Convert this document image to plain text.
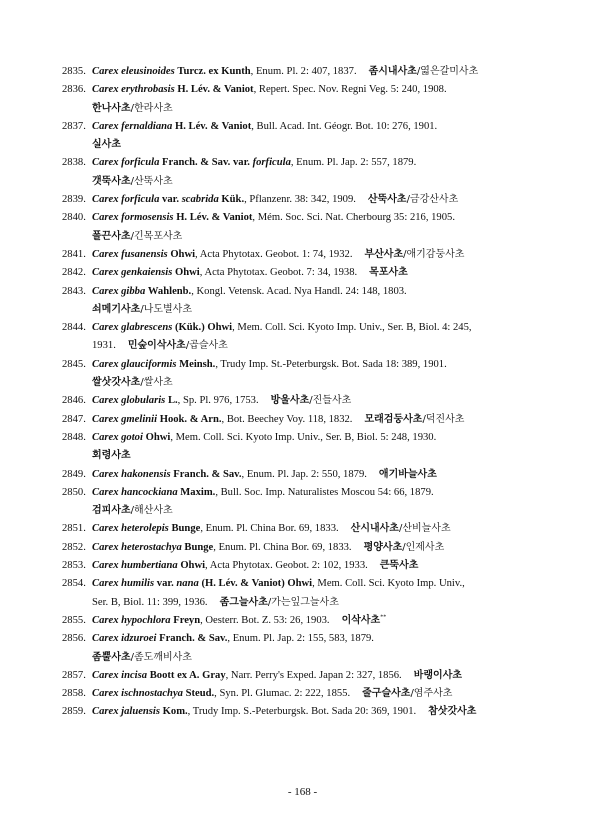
2835. Carex eleusinoides Turcz. ex Kunth, Enum. Pl. 2: 407, 1837. 좀시내사초/엷은갈미사초

2836. Carex erythrobasis H. Lév. & Vaniot, Repert. Spec. Nov. Regni Veg. 5: 240, 1908.
한나사초/한라사초

2837. Carex fernaldiana H. Lév. & Vaniot, Bull. Acad. Int. Géogr. Bot. 10: 276, 1901.
실사초

2838. Carex forficula Franch. & Sav. var. forficula, Enum. Pl. Jap. 2: 557, 1879.
갯뚝사초/산뚝사초

2839. Carex forficula var. scabrida Kük., Pflanzenr. 38: 342, 1909. 산뚝사초/금강산사초

2840. Carex formosensis H. Lév. & Vaniot, Mém. Soc. Sci. Nat. Cherbourg 35: 216, 1905.
폴끈사초/긴목포사초

2841. Carex fusanensis Ohwi, Acta Phytotax. Geobot. 1: 74, 1932. 부산사초/애기감둥사초

2842. Carex genkaiensis Ohwi, Acta Phytotax. Geobot. 7: 34, 1938. 목포사초

2843. Carex gibba Wahlenb., Kongl. Vetensk. Acad. Nya Handl. 24: 148, 1803.
쇠메기사초/나도별사초

2844. Carex glabrescens (Kük.) Ohwi, Mem. Coll. Sci. Kyoto Imp. Univ., Ser. B, Biol. 4: 245,
1931. 민숲이삭사초/곱슬사초

2845. Carex glauciformis Meinsh., Trudy Imp. St.-Peterburgsk. Bot. Sada 18: 389, 1901.
쌀삿갓사초/쌀사초

2846. Carex globularis L., Sp. Pl. 976, 1753. 방울사초/진들사초

2847. Carex gmelinii Hook. & Arn., Bot. Beechey Voy. 118, 1832. 모래검둥사초/덕진사초

2848. Carex gotoi Ohwi, Mem. Coll. Sci. Kyoto Imp. Univ., Ser. B, Biol. 5: 248, 1930.
회령사초

2849. Carex hakonensis Franch. & Sav., Enum. Pl. Jap. 2: 550, 1879. 애기바늘사초

2850. Carex hancockiana Maxim., Bull. Soc. Imp. Naturalistes Moscou 54: 66, 1879.
검피사초/해산사초

2851. Carex heterolepis Bunge, Enum. Pl. China Bor. 69, 1833. 산시내사초/산비늘사초

2852. Carex heterostachya Bunge, Enum. Pl. China Bor. 69, 1833. 평양사초/인제사초

2853. Carex humbertiana Ohwi, Acta Phytotax. Geobot. 2: 102, 1933. 큰뚝사초

2854. Carex humilis var. nana (H. Lév. & Vaniot) Ohwi, Mem. Coll. Sci. Kyoto Imp. Univ.,
Ser. B, Biol. 11: 399, 1936. 좀그늘사초/가는잎그늘사초

2855. Carex hypochlora Freyn, Oesterr. Bot. Z. 53: 26, 1903. 이삭사초**

2856. Carex idzuroei Franch. & Sav., Enum. Pl. Jap. 2: 155, 583, 1879.
좀뿔사초/좀도깨비사초

2857. Carex incisa Boott ex A. Gray, Narr. Perry's Exped. Japan 2: 327, 1856. 바랭이사초

2858. Carex ischnostachya Steud., Syn. Pl. Glumac. 2: 222, 1855. 줄구슬사초/염주사초

2859. Carex jaluensis Kom., Trudy Imp. S.-Peterburgsk. Bot. Sada 20: 369, 1901. 참삿갓사초

- 168 -
